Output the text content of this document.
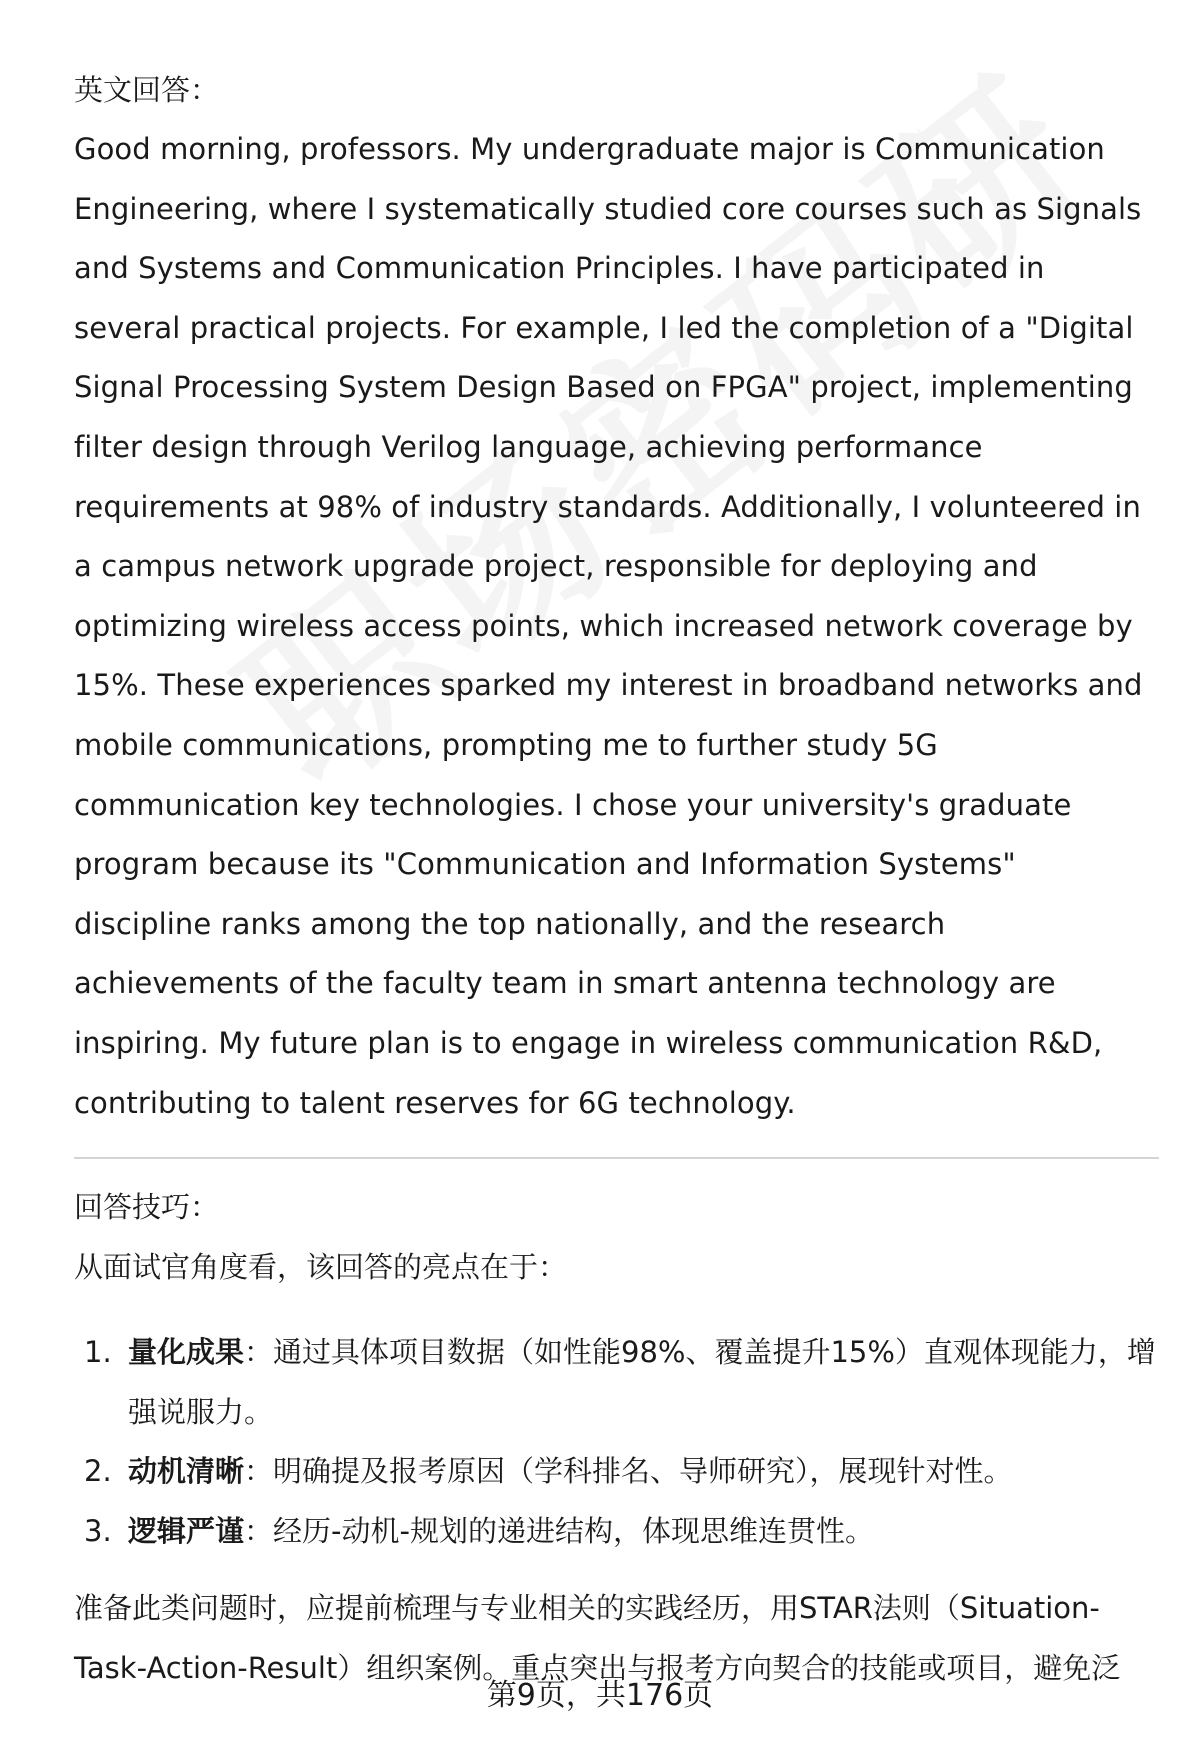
英文回答：

Good morning, professors. My undergraduate major is Communication Engineering, where I systematically studied core courses such as Signals and Systems and Communication Principles. I have participated in several practical projects. For example, I led the completion of a "Digital Signal Processing System Design Based on FPGA" project, implementing filter design through Verilog language, achieving performance requirements at 98% of industry standards. Additionally, I volunteered in a campus network upgrade project, responsible for deploying and optimizing wireless access points, which increased network coverage by 15%. These experiences sparked my interest in broadband networks and mobile communications, prompting me to further study 5G communication key technologies. I chose your university's graduate program because its "Communication and Information Systems" discipline ranks among the top nationally, and the research achievements of the faculty team in smart antenna technology are inspiring. My future plan is to engage in wireless communication R&D, contributing to talent reserves for 6G technology.

回答技巧：

从面试官角度看，该回答的亮点在于：

1. 量化成果：通过具体项目数据（如性能98%、覆盖提升15%）直观体现能力，增强说服力。
2. 动机清晰：明确提及报考原因（学科排名、导师研究），展现针对性。
3. 逻辑严谨：经历-动机-规划的递进结构，体现思维连贯性。

准备此类问题时，应提前梳理与专业相关的实践经历，用STAR法则（Situation-Task-Action-Result）组织案例。重点突出与报考方向契合的技能或项目，避免泛

第9页，共176页
